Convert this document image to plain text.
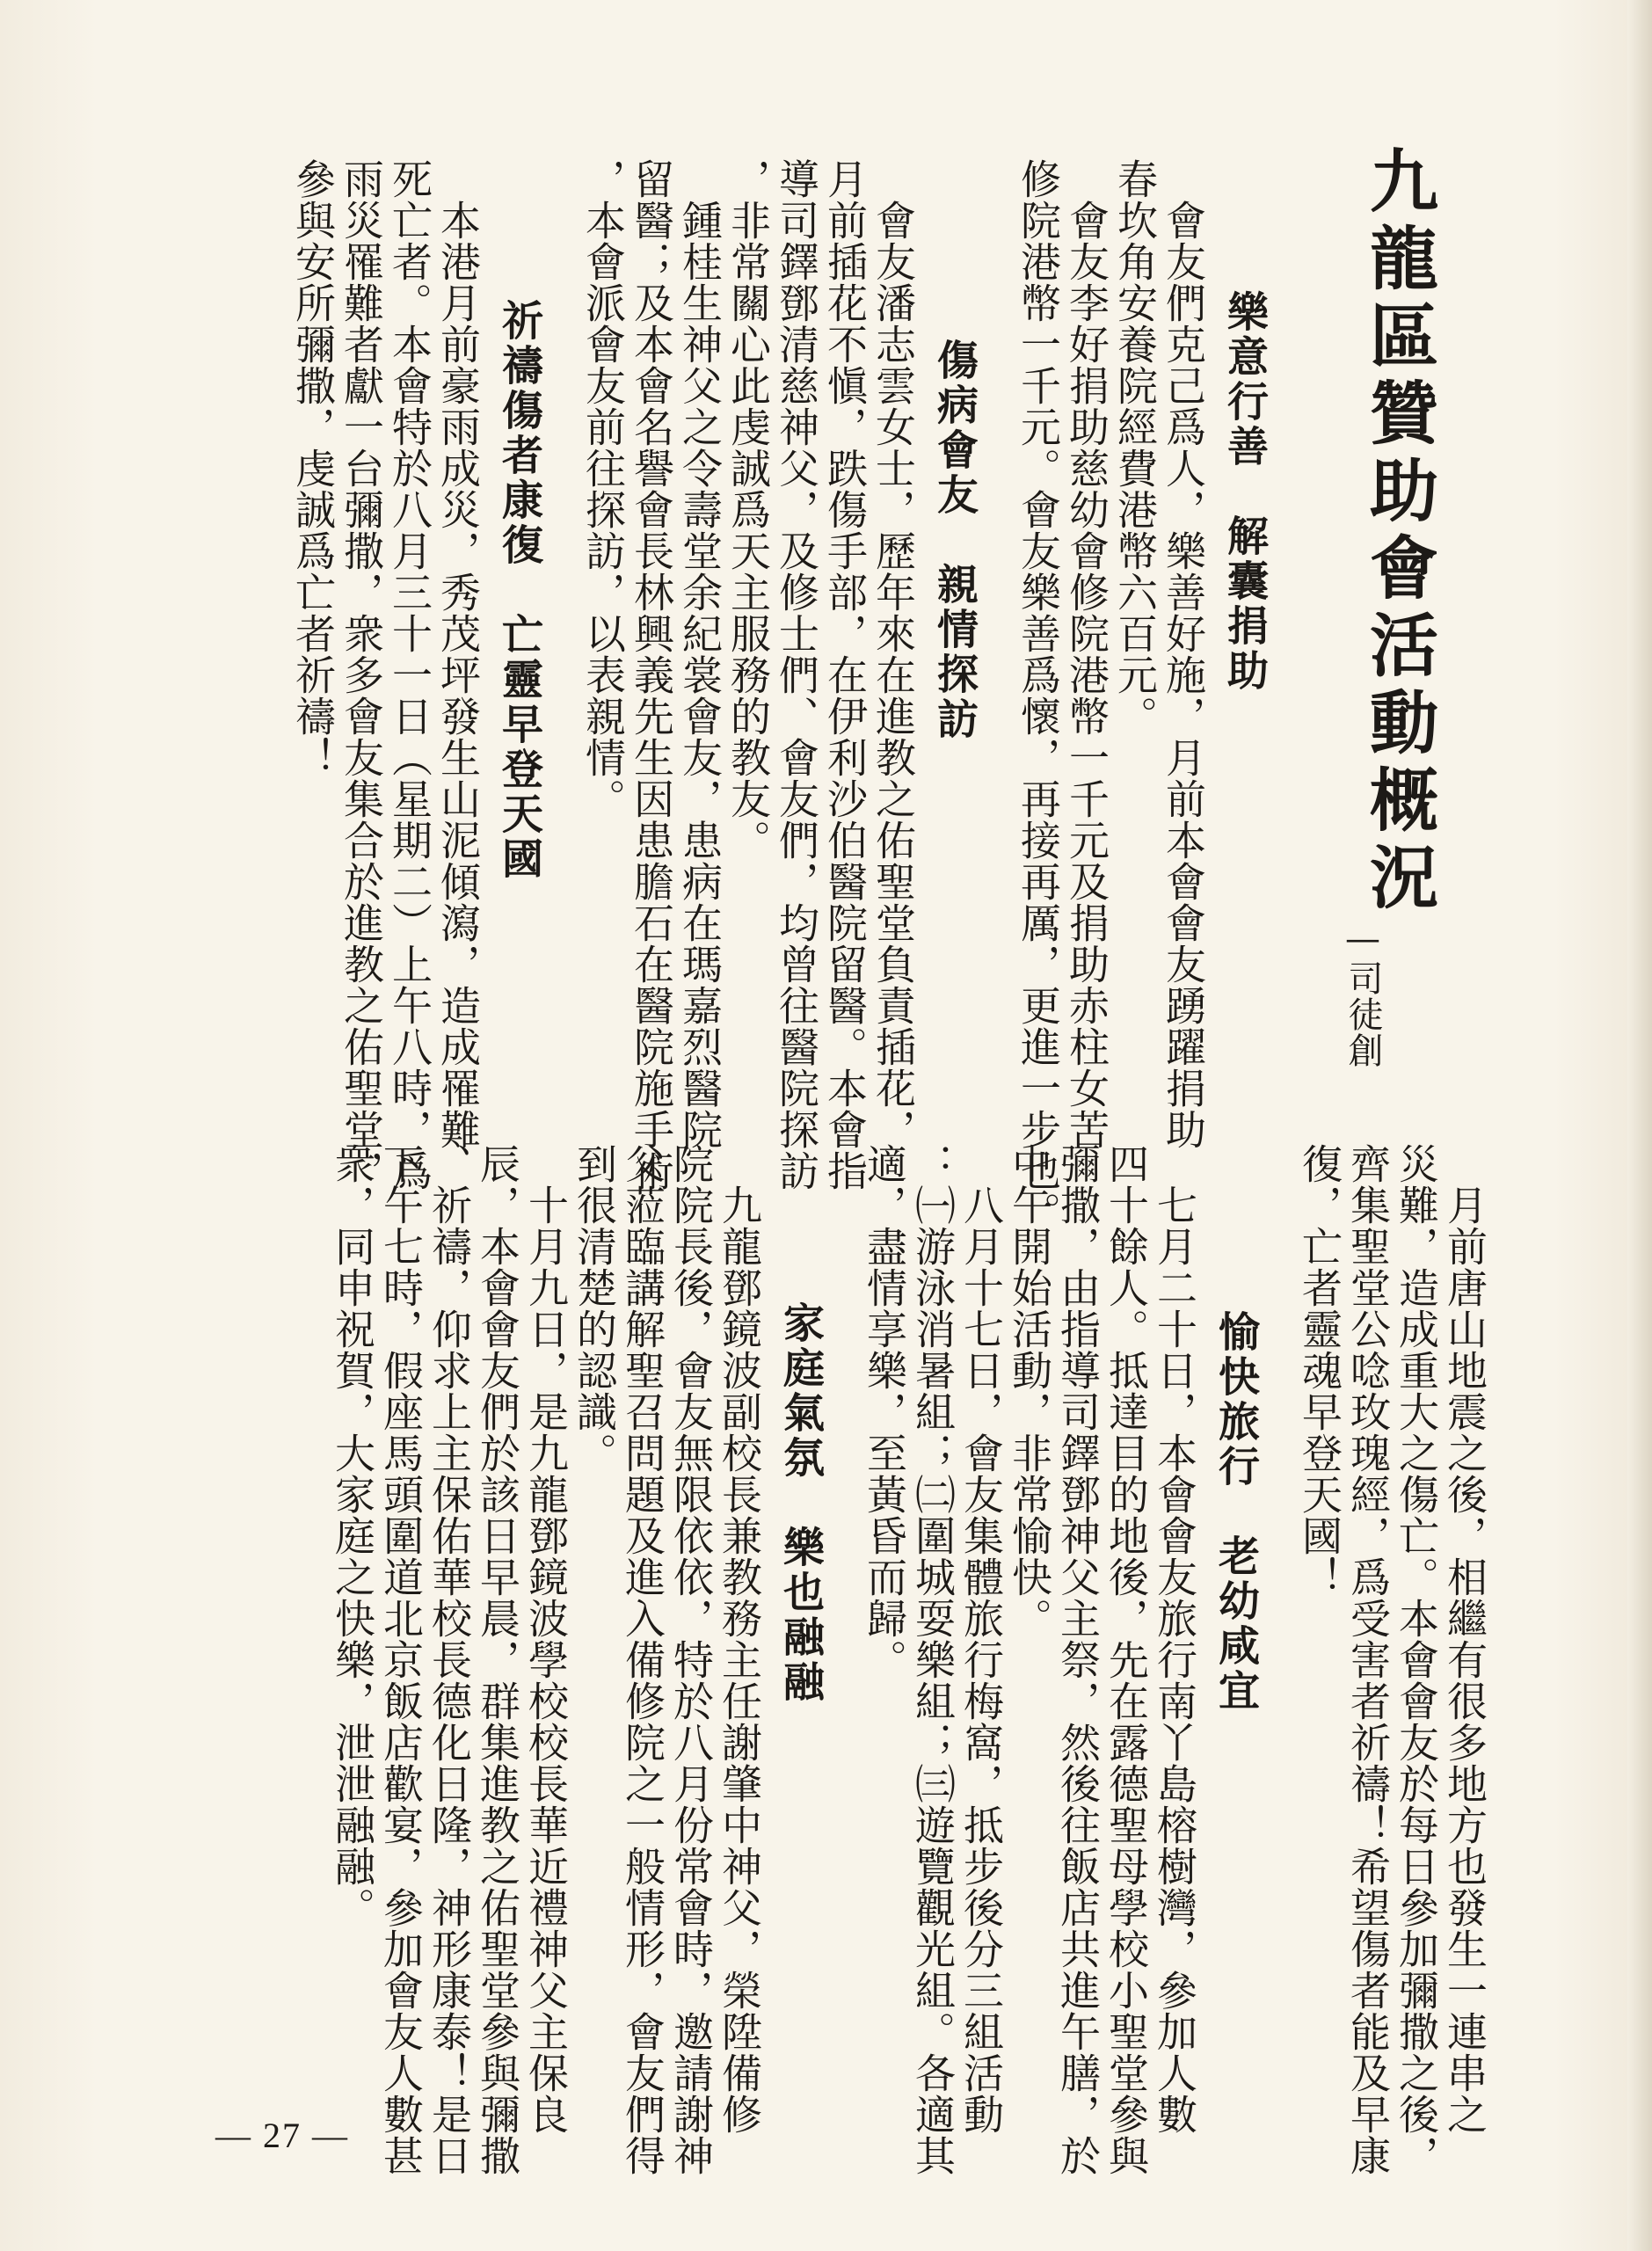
九龍區贊助會活動概況
—司徒創
樂意行善　解囊捐助
　會友們克己爲人，樂善好施，月前本會會友踴躍捐助
春坎角安養院經費港幣六百元。
　會友李好捐助慈幼會修院港幣一千元及捐助赤柱女苦
修院港幣一千元。會友樂善爲懷，再接再厲，更進一步也。
傷病會友　親情探訪
　會友潘志雲女士，歷年來在進教之佑聖堂負責插花，
月前插花不愼，跌傷手部，在伊利沙伯醫院留醫。本會指
導司鐸鄧清慈神父，及修士們、會友們，均曾往醫院探訪
，非常關心此虔誠爲天主服務的教友。
　鍾桂生神父之令壽堂余紀裳會友，患病在瑪嘉烈醫院
留醫；及本會名譽會長林興義先生因患膽石在醫院施手術
，本會派會友前往探訪，以表親情。
祈禱傷者康復　亡靈早登天國
　本港月前豪雨成災，秀茂坪發生山泥傾瀉，造成罹難
死亡者。本會特於八月三十一日（星期二）上午八時，爲
雨災罹難者獻一台彌撒，衆多會友集合於進教之佑聖堂，
參與安所彌撒，虔誠爲亡者祈禱！
　月前唐山地震之後，相繼有很多地方也發生一連串之
災難，造成重大之傷亡。本會會友於每日參加彌撒之後，
齊集聖堂公唸玫瑰經，爲受害者祈禱！希望傷者能及早康
復，亡者靈魂早登天國！
愉快旅行　老幼咸宜
　七月二十日，本會會友旅行南丫島榕樹灣，參加人數
四十餘人。抵達目的地後，先在露德聖母學校小聖堂參與
彌撒，由指導司鐸鄧神父主祭，然後往飯店共進午膳，於
中午開始活動，非常愉快。
　八月十七日，會友集體旅行梅窩，抵步後分三組活動
：㈠游泳消暑組；㈡圍城耍樂組；㈢遊覽觀光組。各適其
適，盡情享樂，至黃昏而歸。
家庭氣氛　樂也融融
　九龍鄧鏡波副校長兼教務主任謝肇中神父，榮陞備修
院院長後，會友無限依依，特於八月份常會時，邀請謝神
父蒞臨講解聖召問題及進入備修院之一般情形，會友們得
到很清楚的認識。
　十月九日，是九龍鄧鏡波學校校長華近禮神父主保良
辰，本會會友們於該日早晨，群集進教之佑聖堂參與彌撒
、祈禱，仰求上主保佑華校長德化日隆，神形康泰！是日
下午七時，假座馬頭圍道北京飯店歡宴，參加會友人數甚
衆，同申祝賀，大家庭之快樂，泄泄融融。
— 27 —
